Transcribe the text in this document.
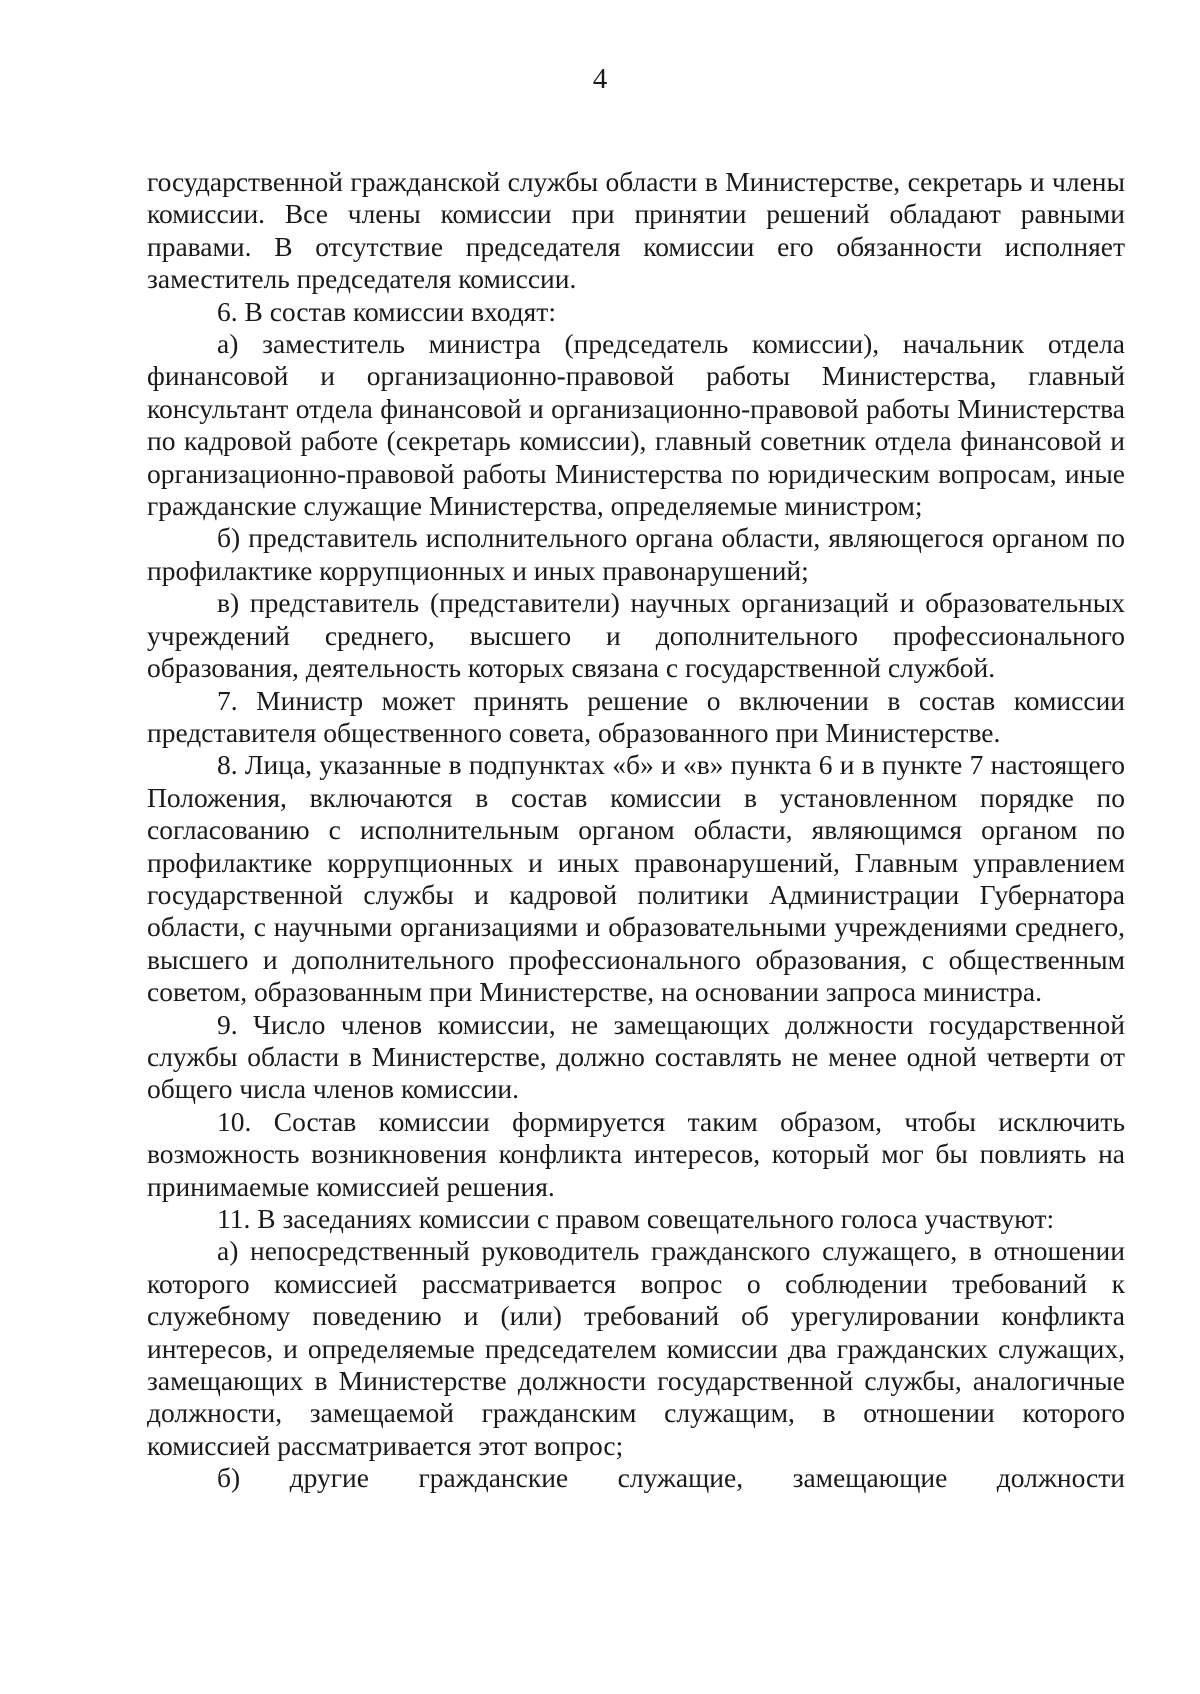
4

государственной гражданской службы области в Министерстве, секретарь и члены комиссии. Все члены комиссии при принятии решений обладают равными правами. В отсутствие председателя комиссии его обязанности исполняет заместитель председателя комиссии.

6. В состав комиссии входят:

а) заместитель министра (председатель комиссии), начальник отдела финансовой и организационно-правовой работы Министерства, главный консультант отдела финансовой и организационно-правовой работы Министерства по кадровой работе (секретарь комиссии), главный советник отдела финансовой и организационно-правовой работы Министерства по юридическим вопросам, иные гражданские служащие Министерства, определяемые министром;

б) представитель исполнительного органа области, являющегося органом по профилактике коррупционных и иных правонарушений;

в) представитель (представители) научных организаций и образовательных учреждений среднего, высшего и дополнительного профессионального образования, деятельность которых связана с государственной службой.

7. Министр может принять решение о включении в состав комиссии представителя общественного совета, образованного при Министерстве.

8. Лица, указанные в подпунктах «б» и «в» пункта 6 и в пункте 7 настоящего Положения, включаются в состав комиссии в установленном порядке по согласованию с исполнительным органом области, являющимся органом по профилактике коррупционных и иных правонарушений, Главным управлением государственной службы и кадровой политики Администрации Губернатора области, с научными организациями и образовательными учреждениями среднего, высшего и дополнительного профессионального образования, с общественным советом, образованным при Министерстве, на основании запроса министра.

9. Число членов комиссии, не замещающих должности государственной службы области в Министерстве, должно составлять не менее одной четверти от общего числа членов комиссии.

10. Состав комиссии формируется таким образом, чтобы исключить возможность возникновения конфликта интересов, который мог бы повлиять на принимаемые комиссией решения.

11. В заседаниях комиссии с правом совещательного голоса участвуют:

а) непосредственный руководитель гражданского служащего, в отношении которого комиссией рассматривается вопрос о соблюдении требований к служебному поведению и (или) требований об урегулировании конфликта интересов, и определяемые председателем комиссии два гражданских служащих, замещающих в Министерстве должности государственной службы, аналогичные должности, замещаемой гражданским служащим, в отношении которого комиссией рассматривается этот вопрос;

б) другие гражданские служащие, замещающие должности
